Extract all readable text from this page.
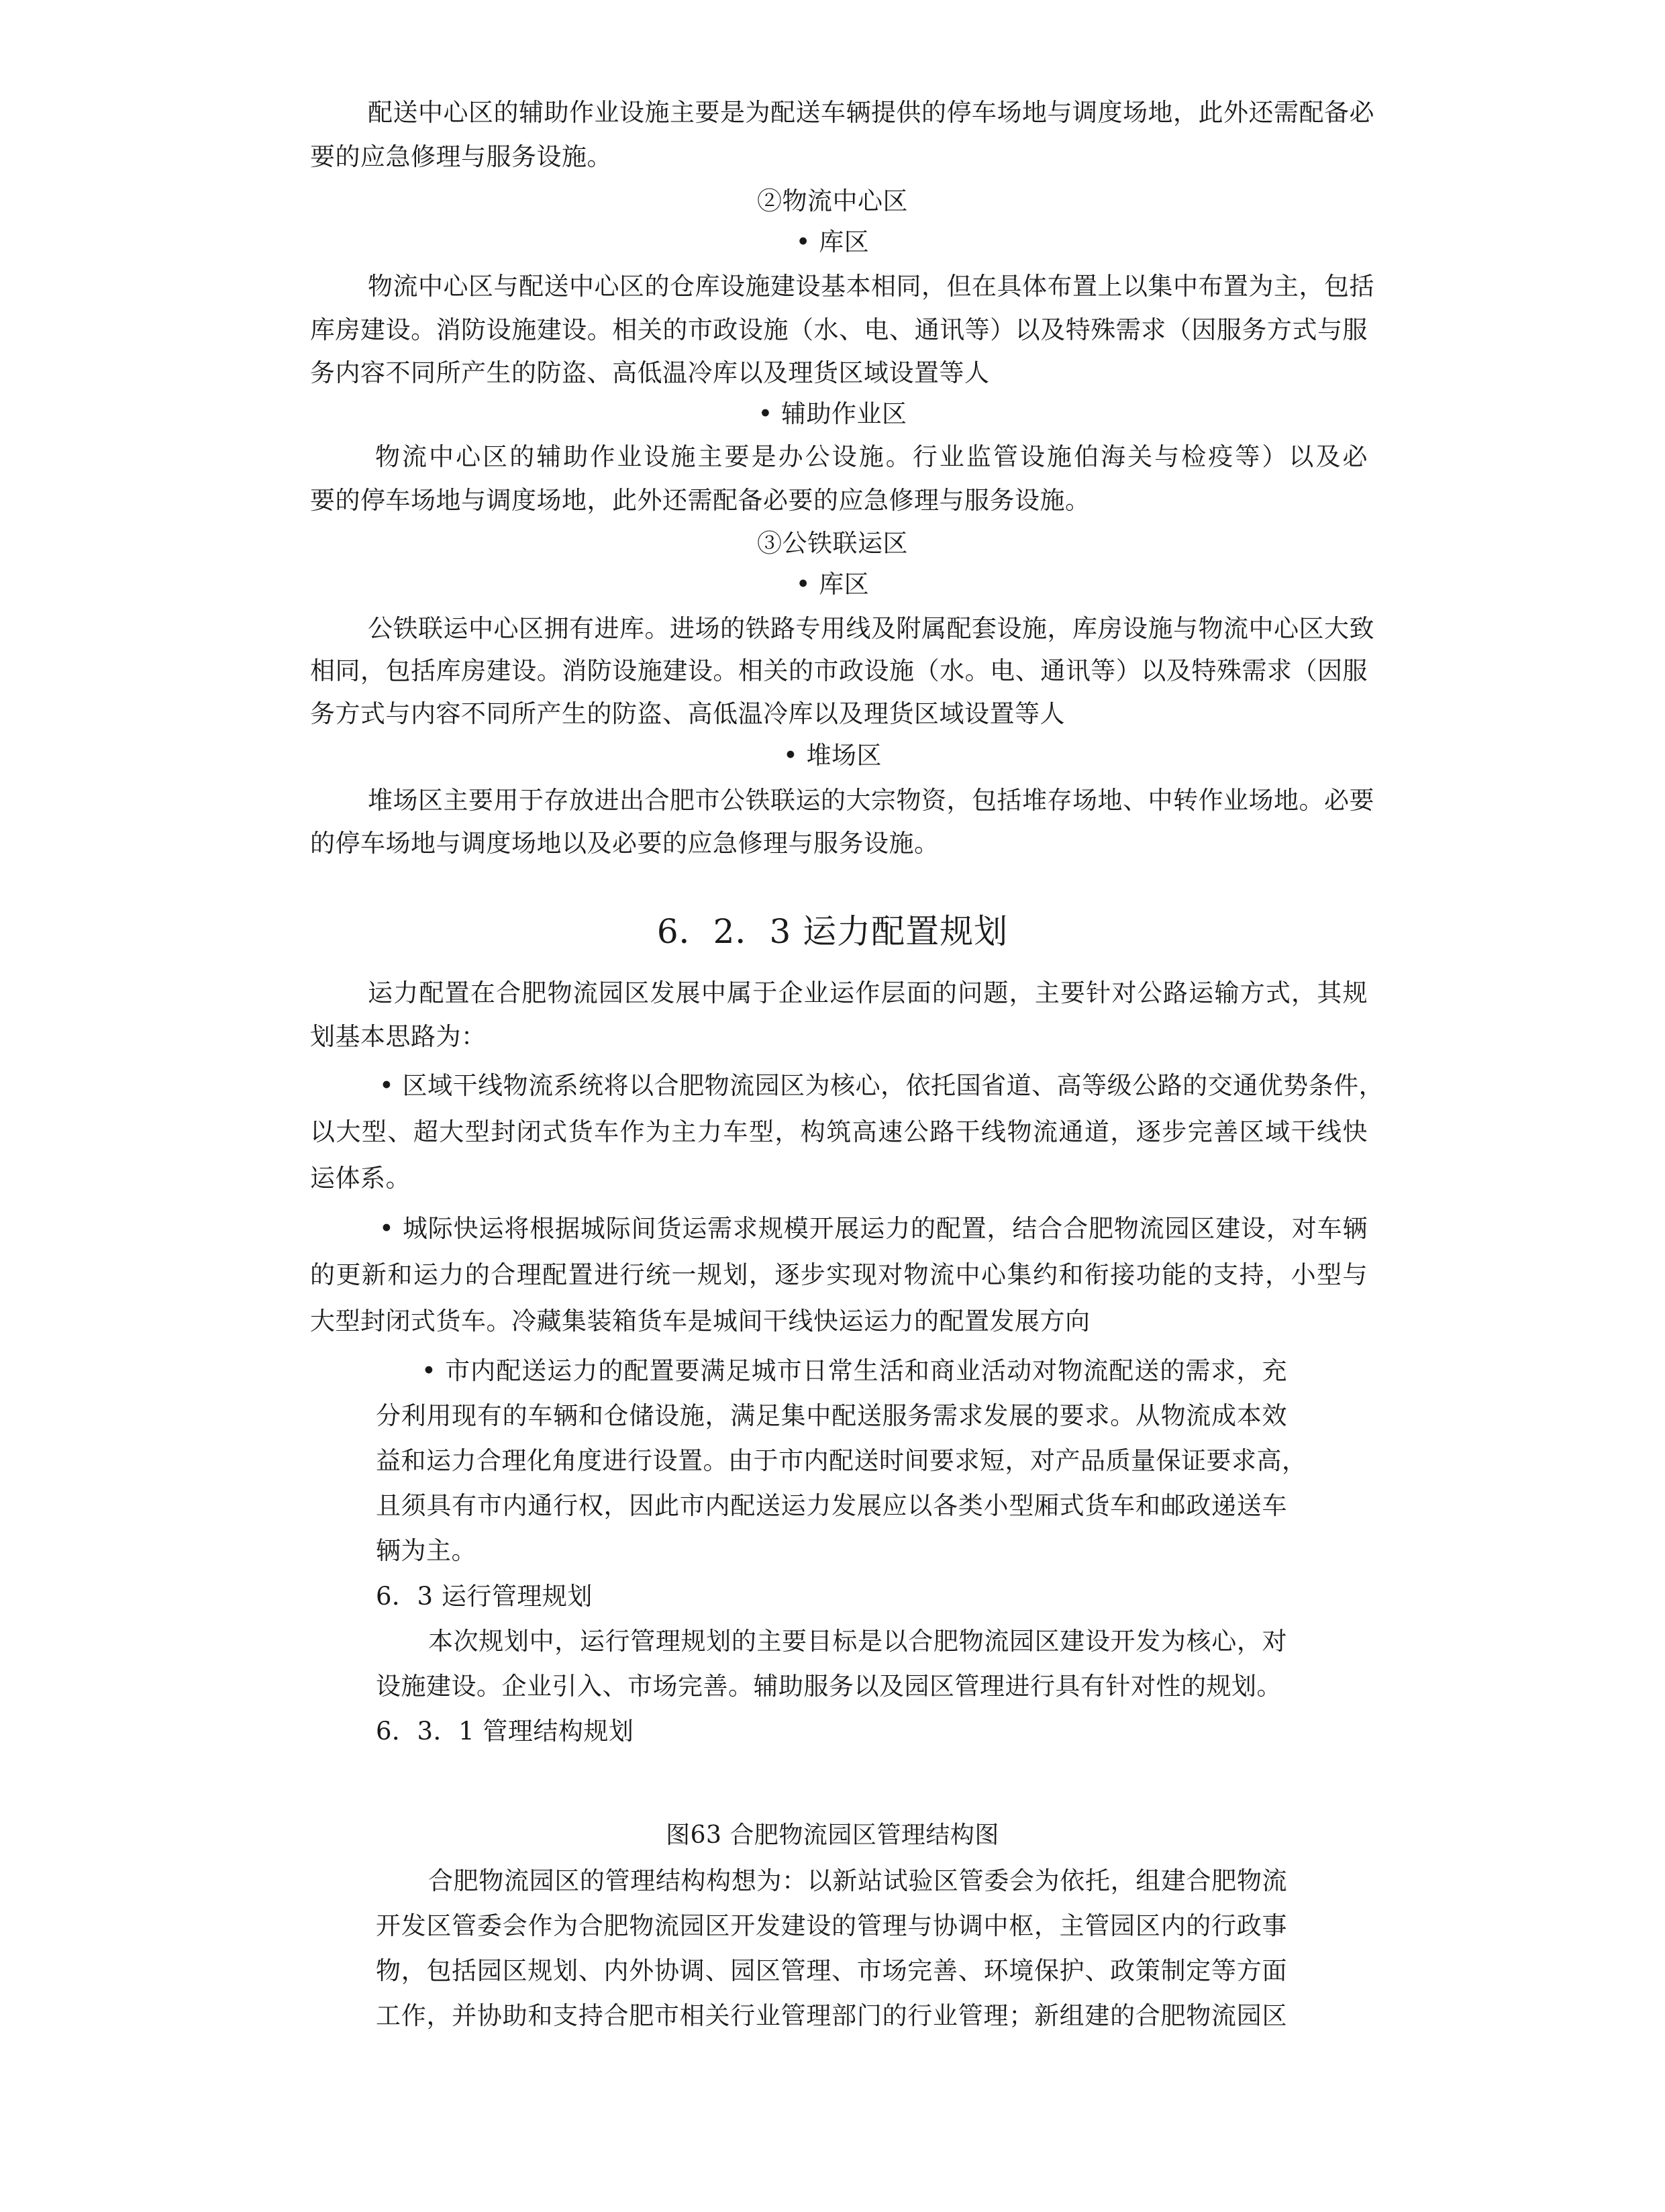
配送中心区的辅助作业设施主要是为配送车辆提供的停车场地与调度场地，此外还需配备必
要的应急修理与服务设施。
②物流中心区
• 库区
物流中心区与配送中心区的仓库设施建设基本相同，但在具体布置上以集中布置为主，包括
库房建设。消防设施建设。相关的市政设施（水、电、通讯等）以及特殊需求（因服务方式与服
务内容不同所产生的防盗、高低温冷库以及理货区域设置等人
• 辅助作业区
物流中心区的辅助作业设施主要是办公设施。行业监管设施伯海关与检疫等）以及必
要的停车场地与调度场地，此外还需配备必要的应急修理与服务设施。
③公铁联运区
• 库区
公铁联运中心区拥有进库。进场的铁路专用线及附属配套设施，库房设施与物流中心区大致
相同，包括库房建设。消防设施建设。相关的市政设施（水。电、通讯等）以及特殊需求（因服
务方式与内容不同所产生的防盗、高低温冷库以及理货区域设置等人
• 堆场区
堆场区主要用于存放进出合肥市公铁联运的大宗物资，包括堆存场地、中转作业场地。必要
的停车场地与调度场地以及必要的应急修理与服务设施。
6．2．3 运力配置规划
运力配置在合肥物流园区发展中属于企业运作层面的问题，主要针对公路运输方式，其规
划基本思路为：
• 区域干线物流系统将以合肥物流园区为核心，依托国省道、高等级公路的交通优势条件，
以大型、超大型封闭式货车作为主力车型，构筑高速公路干线物流通道，逐步完善区域干线快
运体系。
• 城际快运将根据城际间货运需求规模开展运力的配置，结合合肥物流园区建设，对车辆
的更新和运力的合理配置进行统一规划，逐步实现对物流中心集约和衔接功能的支持，小型与
大型封闭式货车。冷藏集装箱货车是城间干线快运运力的配置发展方向
• 市内配送运力的配置要满足城市日常生活和商业活动对物流配送的需求，充
分利用现有的车辆和仓储设施，满足集中配送服务需求发展的要求。从物流成本效
益和运力合理化角度进行设置。由于市内配送时间要求短，对产品质量保证要求高，
且须具有市内通行权，因此市内配送运力发展应以各类小型厢式货车和邮政递送车
辆为主。
6．3 运行管理规划
本次规划中，运行管理规划的主要目标是以合肥物流园区建设开发为核心，对
设施建设。企业引入、市场完善。辅助服务以及园区管理进行具有针对性的规划。
6．3．1 管理结构规划
图63 合肥物流园区管理结构图
合肥物流园区的管理结构构想为：以新站试验区管委会为依托，组建合肥物流
开发区管委会作为合肥物流园区开发建设的管理与协调中枢，主管园区内的行政事
物，包括园区规划、内外协调、园区管理、市场完善、环境保护、政策制定等方面
工作，并协助和支持合肥市相关行业管理部门的行业管理；新组建的合肥物流园区
